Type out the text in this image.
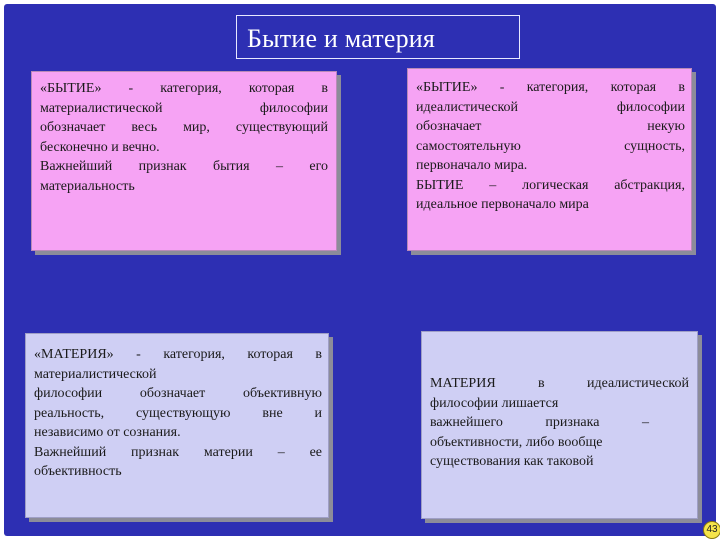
Бытие и материя

«БЫТИЕ» - категория, которая в

материалистической философии

обозначает весь мир, существующий

бесконечно и вечно.

Важнейший признак бытия – его

материальность

«БЫТИЕ» - категория, которая в

идеалистической философии

обозначает некую

самостоятельную сущность,

первоначало мира.

БЫТИЕ – логическая абстракция,

идеальное первоначало мира

«МАТЕРИЯ» - категория, которая в

материалистической

философии обозначает объективную

реальность, существующую вне и

независимо от сознания.

Важнейший признак материи – ее

объективность

МАТЕРИЯ в идеалистической

философии лишается

важнейшего признака –

объективности, либо вообще

существования как таковой

43
